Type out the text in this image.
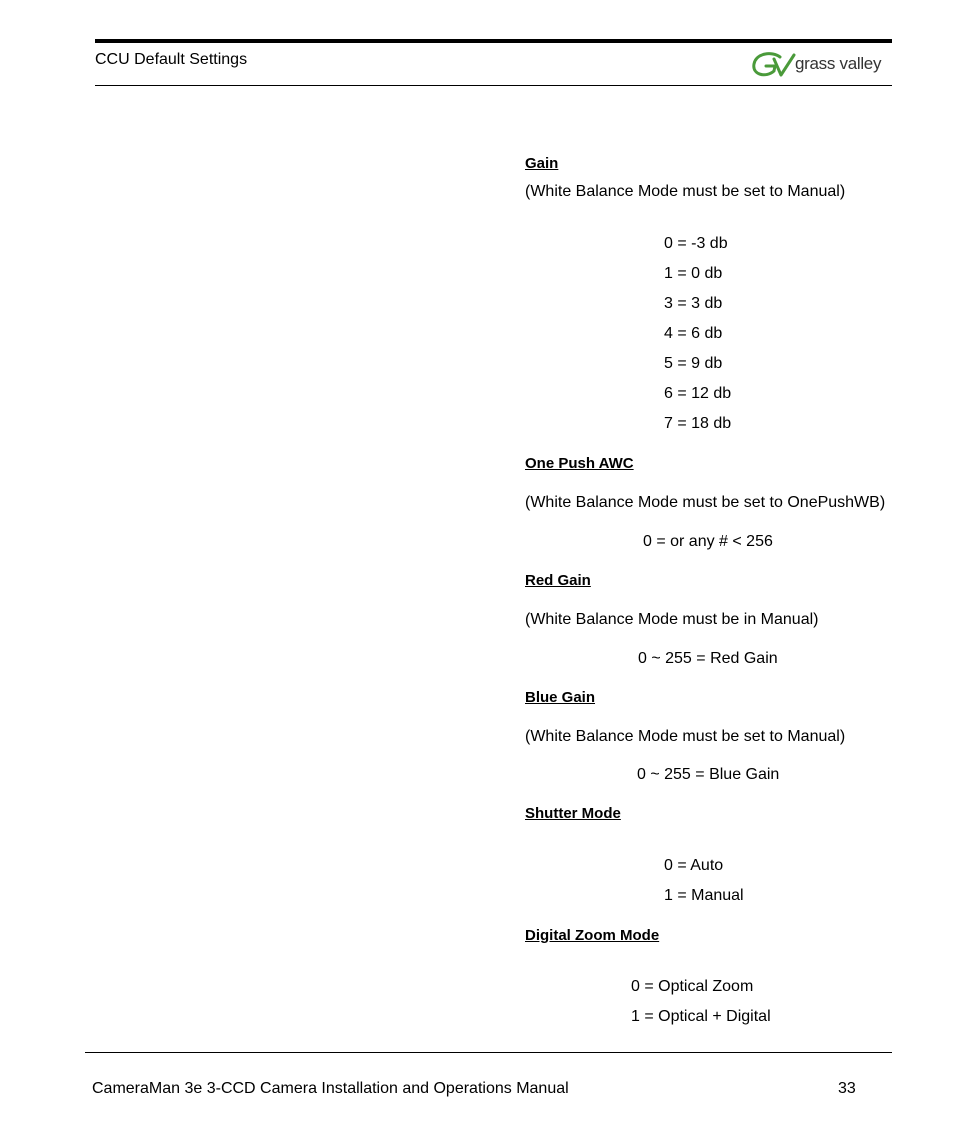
CCU Default Settings	grass valley
Gain
(White Balance Mode must be set to Manual)
0 = -3 db
1 = 0 db
3 = 3 db
4 = 6 db
5 = 9 db
6 = 12 db
7 = 18 db
One Push AWC
(White Balance Mode must be set to OnePushWB)
0 = or any # < 256
Red Gain
(White Balance Mode must be in Manual)
0 ~ 255 = Red Gain
Blue Gain
(White Balance Mode must be set to Manual)
0 ~ 255 = Blue Gain
Shutter Mode
0 = Auto
1 = Manual
Digital Zoom Mode
0 = Optical Zoom
1 = Optical + Digital
CameraMan 3e 3-CCD Camera Installation and Operations Manual	33
